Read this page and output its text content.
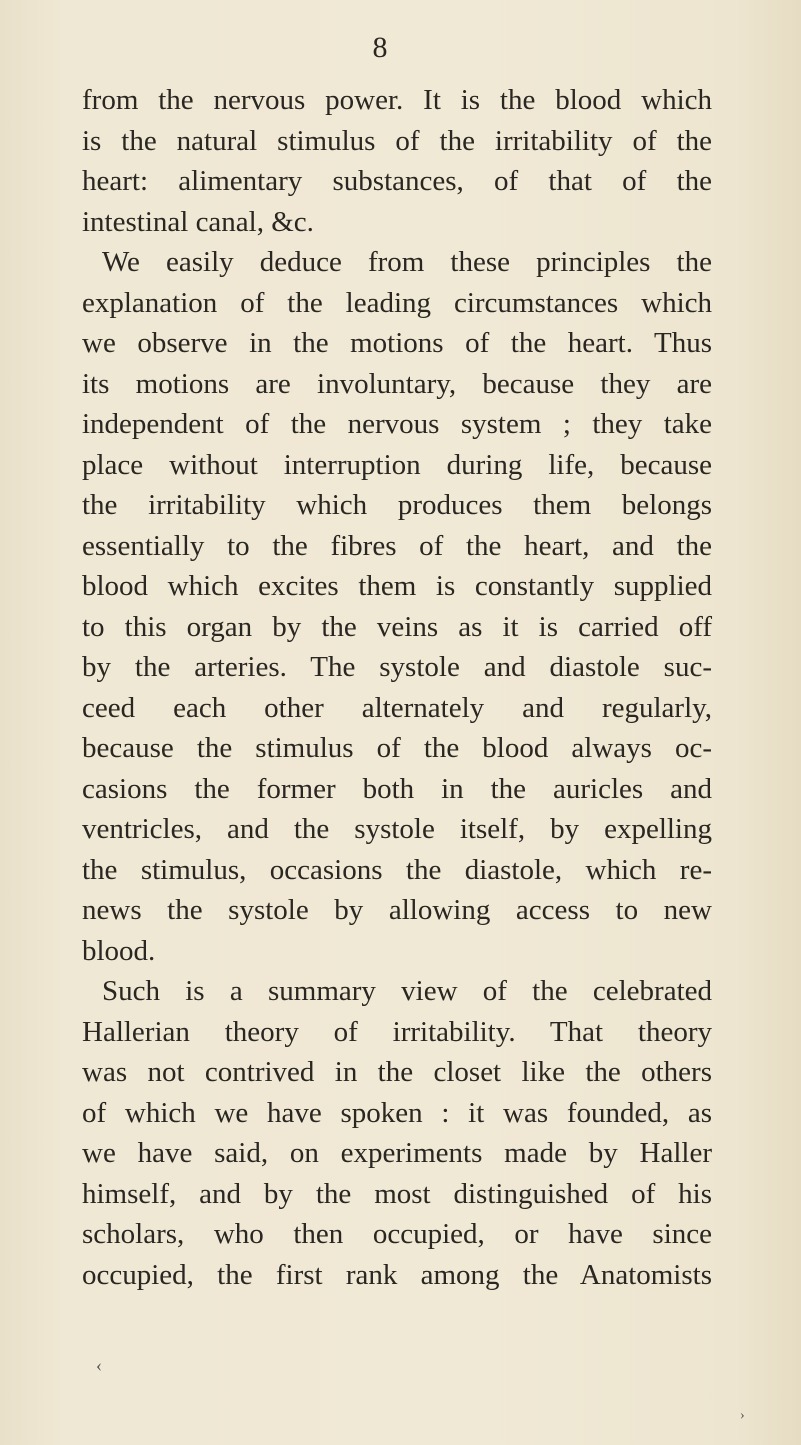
8
from the nervous power. It is the blood which
is the natural stimulus of the irritability of the
heart: alimentary substances, of that of the
intestinal canal, &c.
We easily deduce from these principles the
explanation of the leading circumstances which
we observe in the motions of the heart. Thus
its motions are involuntary, because they are
independent of the nervous system ; they take
place without interruption during life, because
the irritability which produces them belongs
essentially to the fibres of the heart, and the
blood which excites them is constantly supplied
to this organ by the veins as it is carried off
by the arteries. The systole and diastole suc-
ceed each other alternately and regularly,
because the stimulus of the blood always oc-
casions the former both in the auricles and
ventricles, and the systole itself, by expelling
the stimulus, occasions the diastole, which re-
news the systole by allowing access to new
blood.
Such is a summary view of the celebrated
Hallerian theory of irritability. That theory
was not contrived in the closet like the others
of which we have spoken : it was founded, as
we have said, on experiments made by Haller
himself, and by the most distinguished of his
scholars, who then occupied, or have since
occupied, the first rank among the Anatomists
‹
›
